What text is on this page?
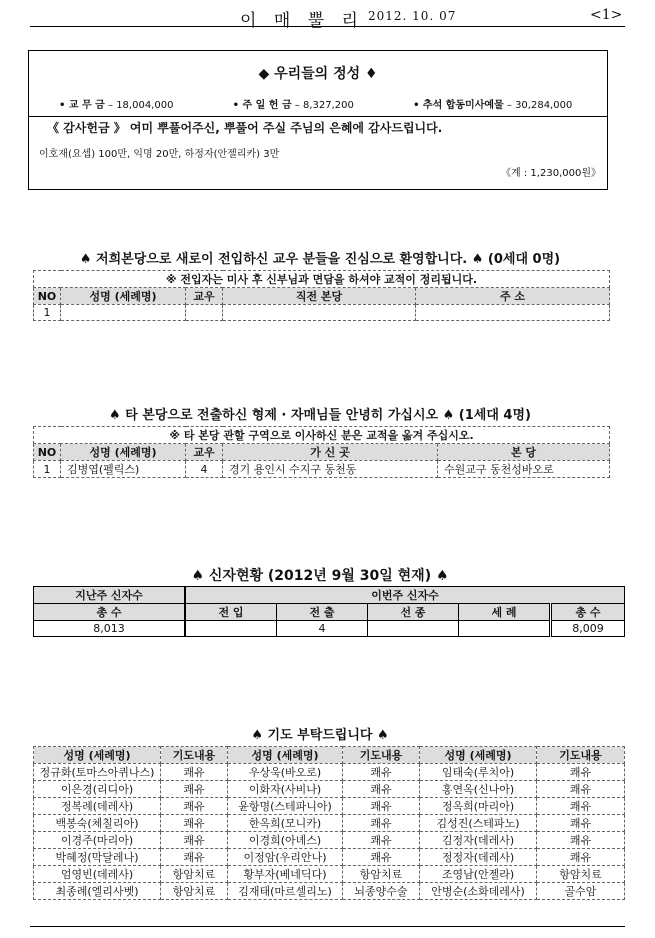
이 매 뿔 리 2012. 10. 07	<1>
◆ 우리들의 정성 ♦
• 교 무 금 – 18,004,000	• 주 일 헌 금 – 8,327,200	• 추석 합동미사예물 – 30,284,000
《 감사헌금 》 여미 뿌풀어주신, 뿌풀어 주실 주님의 은혜에 감사드립니다.
이호재(요셉) 100만, 익명 20만, 하정자(안젤리카) 3만
《계 : 1,230,000원》
♠ 저희본당으로 새로이 전입하신 교우 분들을 진심으로 환영합니다. ♠ (0세대 0명)
※ 전입자는 미사 후 신부님과 면담을 하셔야 교적이 정리됩니다.				
NO	성명 (세례명)	교우	직전 본당	주 소
1				
♠ 타 본당으로 전출하신 형제 · 자매님들 안녕히 가십시오 ♠ (1세대 4명)
※ 타 본당 관할 구역으로 이사하신 분은 교적을 옮겨 주십시오.				
NO	성명 (세례명)	교우	가 신 곳	본 당
1	김병엽(펠릭스)	4	경기 용인시 수지구 동천동	수원교구 동천성바오로
♠ 신자현황 (2012년 9월 30일 현재) ♠
지난주 신자수	이번주 신자수				
총 수	전 입	전 출	선 종	세 례	총 수
8,013		4			8,009
♠ 기도 부탁드립니다 ♠
성명 (세례명)	기도내용	성명 (세례명)	기도내용	성명 (세례명)	기도내용
정규화(토마스아퀴나스)	쾌유	우상욱(바오로)	쾌유	임태숙(루치아)	쾌유
이은경(리디아)	쾌유	이화자(사비나)	쾌유	홍연옥(신나아)	쾌유
정복례(데레사)	쾌유	윤항명(스테파니아)	쾌유	정옥희(마리아)	쾌유
백봉숙(체칠리아)	쾌유	한옥희(모니카)	쾌유	김성진(스테파노)	쾌유
이경주(마리아)	쾌유	이경희(아녜스)	쾌유	김정자(데레사)	쾌유
박혜정(막달레나)	쾌유	이정암(우리안나)	쾌유	정정자(데레사)	쾌유
엄영빈(데레사)	항암치료	황부자(베네딕다)	항암치료	조영남(안젤라)	항암치료
최종례(엘리사벳)	항암치료	김재태(마르셀리노)	뇌종양수술	안병순(소화데레사)	골수암
